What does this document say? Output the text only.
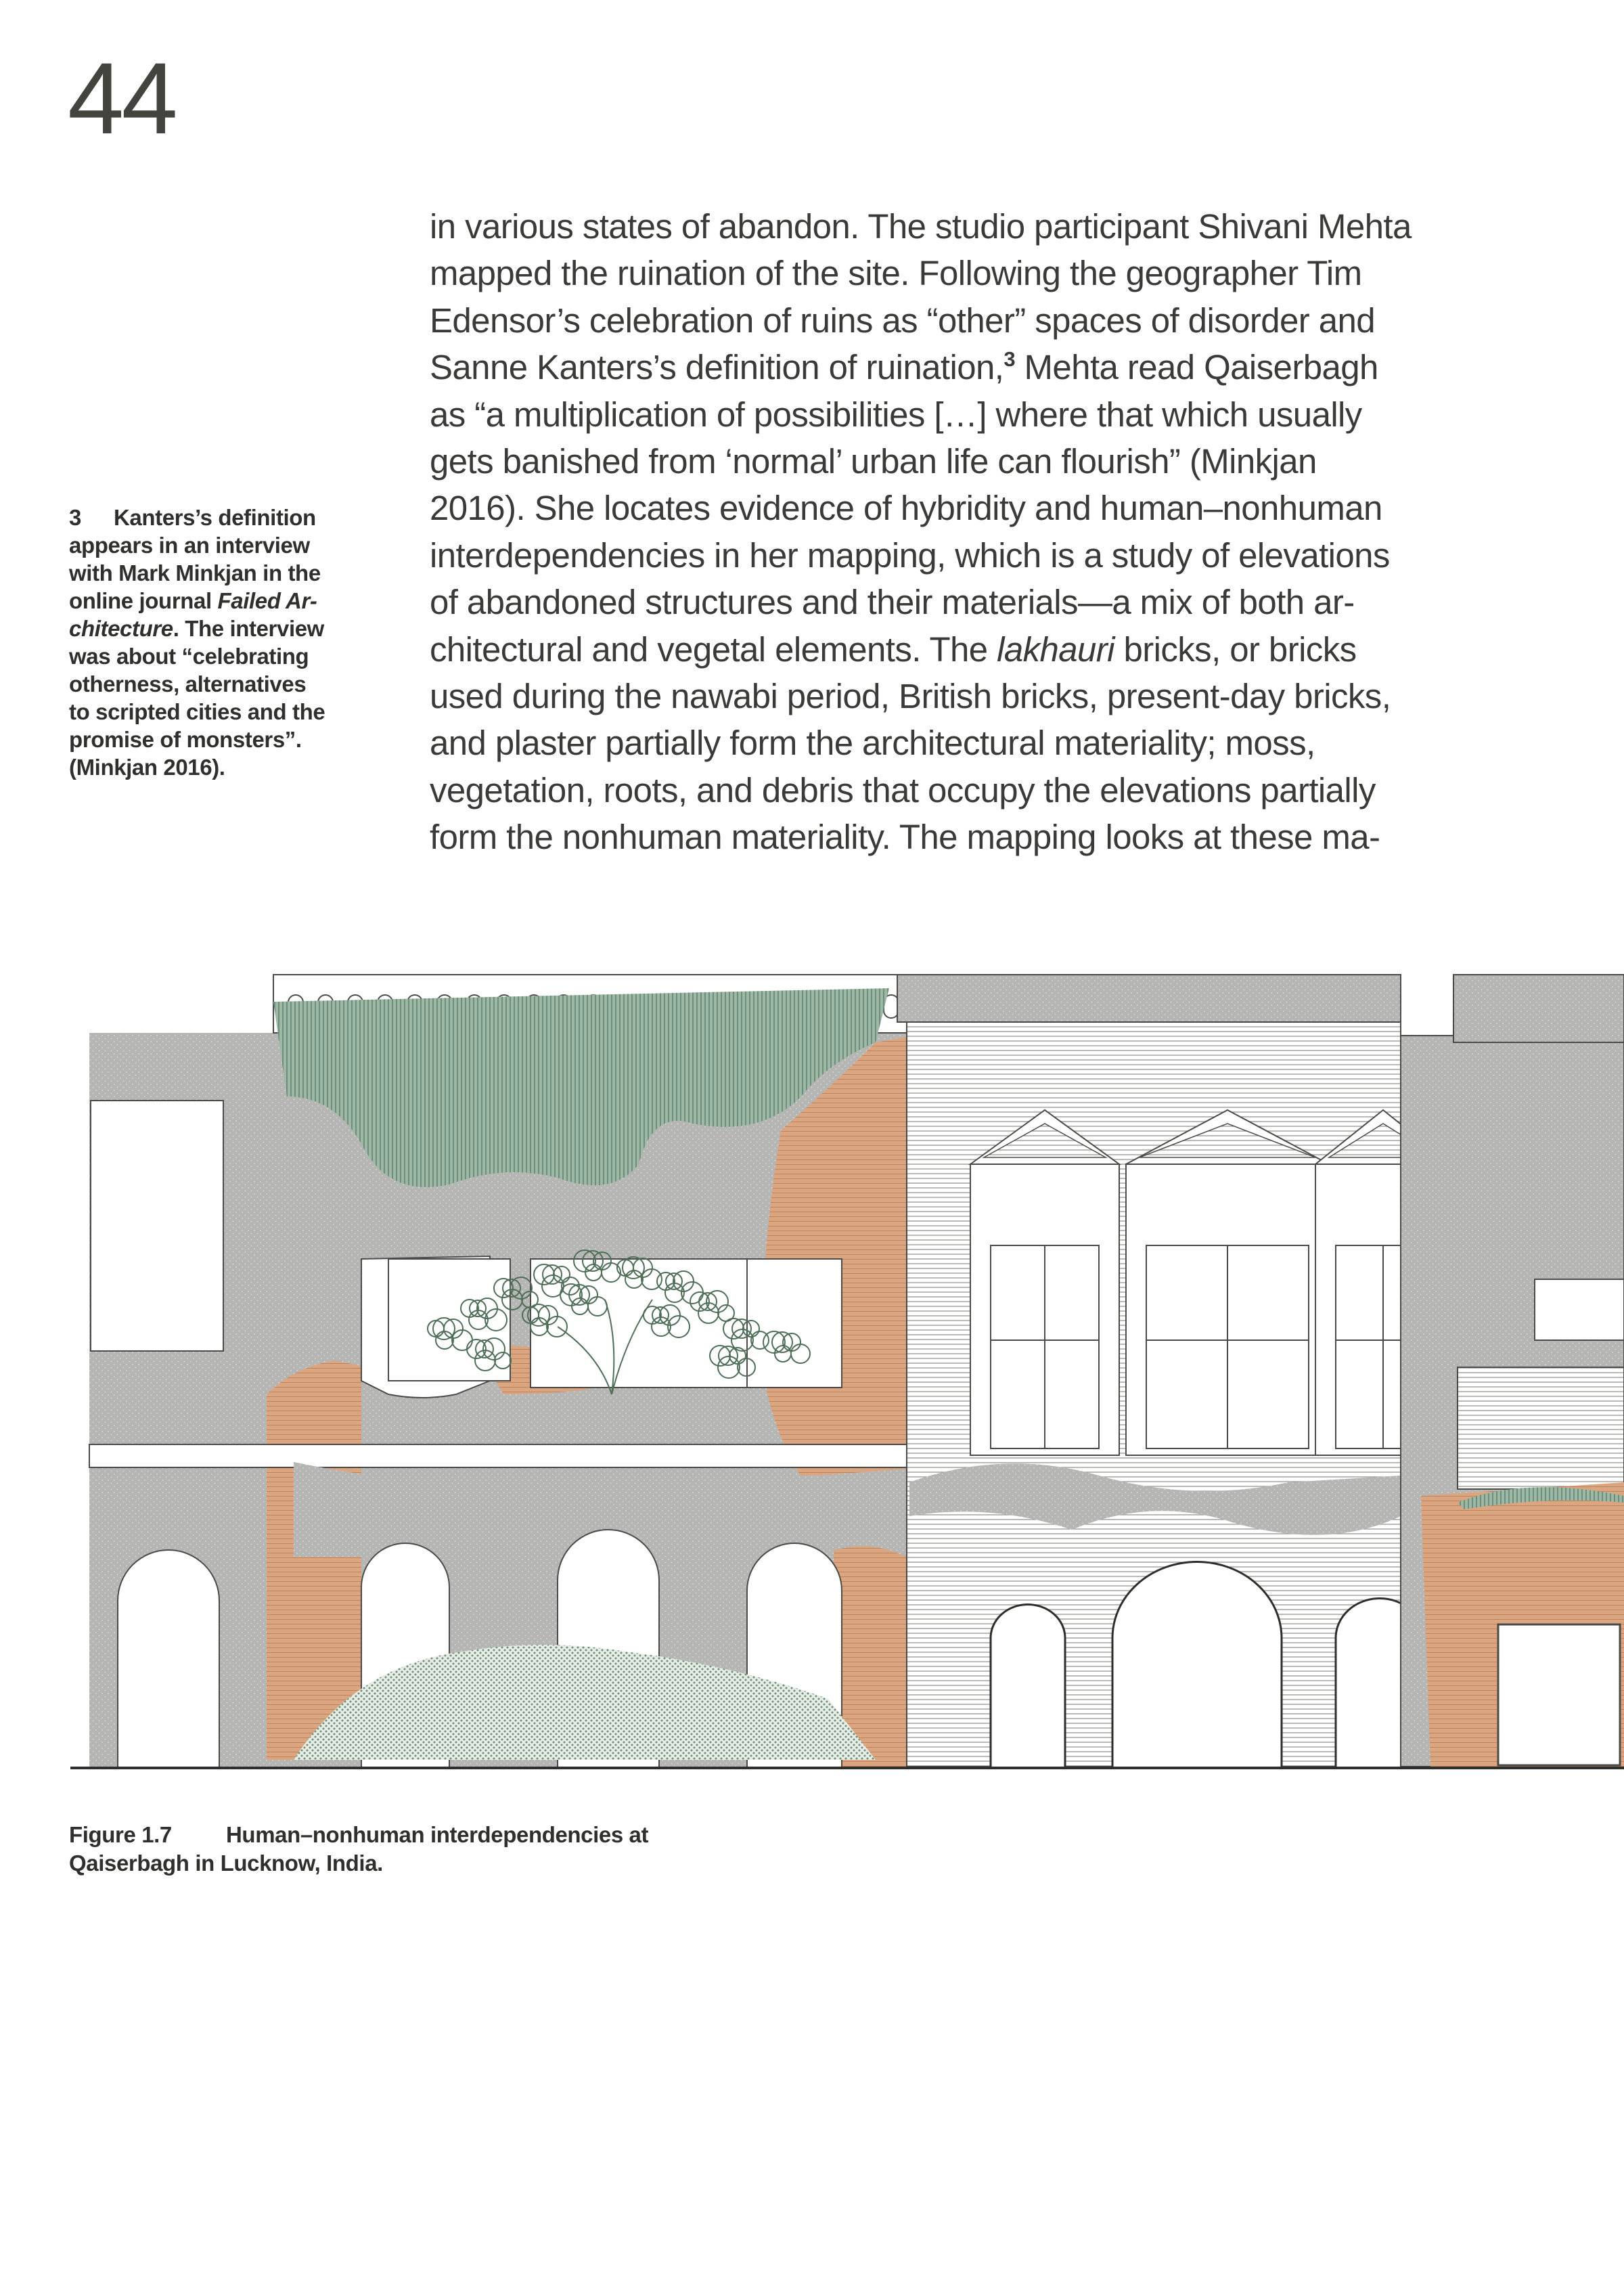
44
in various states of abandon. The studio participant Shivani Mehta
mapped the ruination of the site. Following the geographer Tim
Edensor’s celebration of ruins as “other” spaces of disorder and
Sanne Kanters’s definition of ruination,$^3$ Mehta read Qaiserbagh
as “a multiplication of possibilities […] where that which usually
gets banished from ‘normal’ urban life can flourish” (Minkjan
2016). She locates evidence of hybridity and human–nonhuman
interdependencies in her mapping, which is a study of elevations
of abandoned structures and their materials—a mix of both ar-
chitectural and vegetal elements. The lakhauri bricks, or bricks
used during the nawabi period, British bricks, present-day bricks,
and plaster partially form the architectural materiality; moss,
vegetation, roots, and debris that occupy the elevations partially
form the nonhuman materiality. The mapping looks at these ma-
3 Kanters’s definition
appears in an interview
with Mark Minkjan in the
online journal Failed Ar-
chitecture. The interview
was about “celebrating
otherness, alternatives
to scripted cities and the
promise of monsters”.
(Minkjan 2016).
Figure 1.7 Human–nonhuman interdependencies at
Qaiserbagh in Lucknow, India.
